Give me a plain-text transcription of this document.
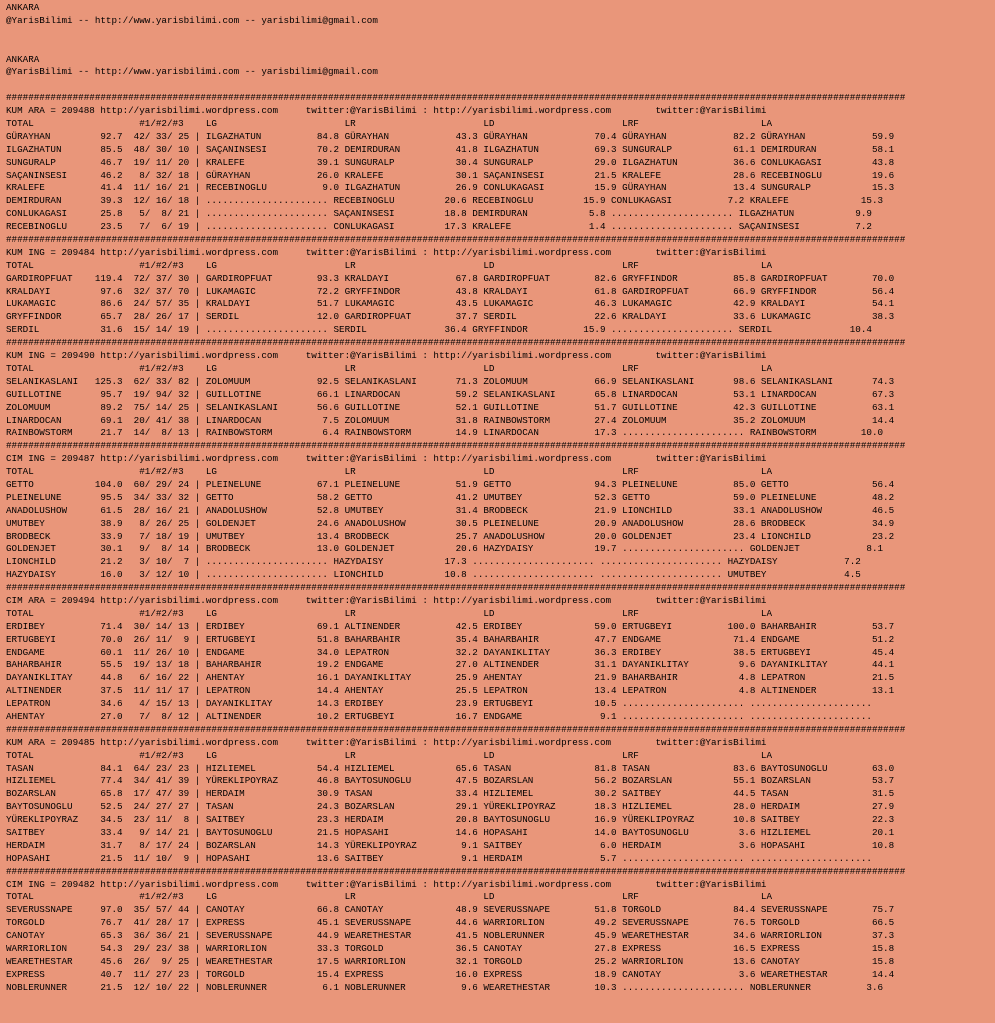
ANKARA
@YarisBilimi -- http://www.yarisbilimi.com -- yarisbilimi@gmail.com

ANKARA
@YarisBilimi -- http://www.yarisbilimi.com -- yarisbilimi@gmail.com

##################################################################################################################################################################
KUM ARA = 209488 http://yarisbilimi.wordpress.com     twitter:@YarisBilimi : http://yarisbilimi.wordpress.com        twitter:@YarisBilimi
TOTAL                   #1/#2/#3    LG                       LR                       LD                       LRF                      LA
GÜRAYHAN         92.7  42/ 33/ 25 | ILGAZHATUN          84.8 GÜRAYHAN            43.3 GÜRAYHAN            70.4 GÜRAYHAN            82.2 GÜRAYHAN            59.9
ILGAZHATUN       85.5  48/ 30/ 10 | SAÇANINSESI         70.2 DEMIRDURAN          41.8 ILGAZHATUN          69.3 SUNGURALP           61.1 DEMIRDURAN          58.1
SUNGURALP        46.7  19/ 11/ 20 | KRALEFE             39.1 SUNGURALP           30.4 SUNGURALP           29.0 ILGAZHATUN          36.6 CONLUKAGASI         43.8
SAÇANINSESI      46.2   8/ 32/ 18 | GÜRAYHAN            26.0 KRALEFE             30.1 SAÇANINSESI         21.5 KRALEFE             28.6 RECEBINOGLU         19.6
KRALEFE          41.4  11/ 16/ 21 | RECEBINOGLU          9.0 ILGAZHATUN          26.9 CONLUKAGASI         15.9 GÜRAYHAN            13.4 SUNGURALP           15.3
DEMIRDURAN       39.3  12/ 16/ 18 | ...................... RECEBINOGLU         20.6 RECEBINOGLU         15.9 CONLUKAGASI          7.2 KRALEFE             15.3
CONLUKAGASI      25.8   5/  8/ 21 | ...................... SAÇANINSESI         18.8 DEMIRDURAN           5.8 ...................... ILGAZHATUN           9.9
RECEBINOGLU      23.5   7/  6/ 19 | ...................... CONLUKAGASI         17.3 KRALEFE              1.4 ...................... SAÇANINSESI          7.2
##################################################################################################################################################################
KUM ING = 209484 http://yarisbilimi.wordpress.com     twitter:@YarisBilimi : http://yarisbilimi.wordpress.com        twitter:@YarisBilimi
TOTAL                   #1/#2/#3    LG                       LR                       LD                       LRF                      LA
GARDIROPFUAT    119.4  72/ 37/ 30 | GARDIROPFUAT        93.3 KRALDAYI            67.8 GARDIROPFUAT        82.6 GRYFFINDOR          85.8 GARDIROPFUAT        70.0
KRALDAYI         97.6  32/ 37/ 70 | LUKAMAGIC           72.2 GRYFFINDOR          43.8 KRALDAYI            61.8 GARDIROPFUAT        66.9 GRYFFINDOR          56.4
LUKAMAGIC        86.6  24/ 57/ 35 | KRALDAYI            51.7 LUKAMAGIC           43.5 LUKAMAGIC           46.3 LUKAMAGIC           42.9 KRALDAYI            54.1
GRYFFINDOR       65.7  28/ 26/ 17 | SERDIL              12.0 GARDIROPFUAT        37.7 SERDIL              22.6 KRALDAYI            33.6 LUKAMAGIC           38.3
SERDIL           31.6  15/ 14/ 19 | ...................... SERDIL              36.4 GRYFFINDOR          15.9 ...................... SERDIL              10.4
##################################################################################################################################################################
KUM ING = 209490 http://yarisbilimi.wordpress.com     twitter:@YarisBilimi : http://yarisbilimi.wordpress.com        twitter:@YarisBilimi
TOTAL                   #1/#2/#3    LG                       LR                       LD                       LRF                      LA
SELANIKASLANI   125.3  62/ 33/ 82 | ZOLOMUUM            92.5 SELANIKASLANI       71.3 ZOLOMUUM            66.9 SELANIKASLANI       98.6 SELANIKASLANI       74.3
GUILLOTINE       95.7  19/ 94/ 32 | GUILLOTINE          66.1 LINARDOCAN          59.2 SELANIKASLANI       65.8 LINARDOCAN          53.1 LINARDOCAN          67.3
ZOLOMUUM         89.2  75/ 14/ 25 | SELANIKASLANI       56.6 GUILLOTINE          52.1 GUILLOTINE          51.7 GUILLOTINE          42.3 GUILLOTINE          63.1
LINARDOCAN       69.1  20/ 41/ 38 | LINARDOCAN           7.5 ZOLOMUUM            31.8 RAINBOWSTORM        27.4 ZOLOMUUM            35.2 ZOLOMUUM            14.4
RAINBOWSTORM     21.7  14/  8/ 13 | RAINBOWSTORM         6.4 RAINBOWSTORM        14.9 LINARDOCAN          17.3 ...................... RAINBOWSTORM        10.0
##################################################################################################################################################################
CIM ING = 209487 http://yarisbilimi.wordpress.com     twitter:@YarisBilimi : http://yarisbilimi.wordpress.com        twitter:@YarisBilimi
TOTAL                   #1/#2/#3    LG                       LR                       LD                       LRF                      LA
GETTO           104.0  60/ 29/ 24 | PLEINELUNE          67.1 PLEINELUNE          51.9 GETTO               94.3 PLEINELUNE          85.0 GETTO               56.4
PLEINELUNE       95.5  34/ 33/ 32 | GETTO               58.2 GETTO               41.2 UMUTBEY             52.3 GETTO               59.0 PLEINELUNE          48.2
ANADOLUSHOW      61.5  28/ 16/ 21 | ANADOLUSHOW         52.8 UMUTBEY             31.4 BRODBECK            21.9 LIONCHILD           33.1 ANADOLUSHOW         46.5
UMUTBEY          38.9   8/ 26/ 25 | GOLDENJET           24.6 ANADOLUSHOW         30.5 PLEINELUNE          20.9 ANADOLUSHOW         28.6 BRODBECK            34.9
BRODBECK         33.9   7/ 18/ 19 | UMUTBEY             13.4 BRODBECK            25.7 ANADOLUSHOW         20.0 GOLDENJET           23.4 LIONCHILD           23.2
GOLDENJET        30.1   9/  8/ 14 | BRODBECK            13.0 GOLDENJET           20.6 HAZYDAISY           19.7 ...................... GOLDENJET            8.1
LIONCHILD        21.2   3/ 10/  7 | ...................... HAZYDAISY           17.3 ...................... ...................... HAZYDAISY            7.2
HAZYDAISY        16.0   3/ 12/ 10 | ...................... LIONCHILD           10.8 ...................... ...................... UMUTBEY              4.5
##################################################################################################################################################################
CIM ARA = 209494 http://yarisbilimi.wordpress.com     twitter:@YarisBilimi : http://yarisbilimi.wordpress.com        twitter:@YarisBilimi
TOTAL                   #1/#2/#3    LG                       LR                       LD                       LRF                      LA
ERDIBEY          71.4  30/ 14/ 13 | ERDIBEY             69.1 ALTINENDER          42.5 ERDIBEY             59.0 ERTUGBEYI          100.0 BAHARBAHIR          53.7
ERTUGBEYI        70.0  26/ 11/  9 | ERTUGBEYI           51.8 BAHARBAHIR          35.4 BAHARBAHIR          47.7 ENDGAME             71.4 ENDGAME             51.2
ENDGAME          60.1  11/ 26/ 10 | ENDGAME             34.0 LEPATRON            32.2 DAYANIKLITAY        36.3 ERDIBEY             38.5 ERTUGBEYI           45.4
BAHARBAHIR       55.5  19/ 13/ 18 | BAHARBAHIR          19.2 ENDGAME             27.0 ALTINENDER          31.1 DAYANIKLITAY         9.6 DAYANIKLITAY        44.1
DAYANIKLITAY     44.8   6/ 16/ 22 | AHENTAY             16.1 DAYANIKLITAY        25.9 AHENTAY             21.9 BAHARBAHIR           4.8 LEPATRON            21.5
ALTINENDER       37.5  11/ 11/ 17 | LEPATRON            14.4 AHENTAY             25.5 LEPATRON            13.4 LEPATRON             4.8 ALTINENDER          13.1
LEPATRON         34.6   4/ 15/ 13 | DAYANIKLITAY        14.3 ERDIBEY             23.9 ERTUGBEYI           10.5 ...................... ......................
AHENTAY          27.0   7/  8/ 12 | ALTINENDER          10.2 ERTUGBEYI           16.7 ENDGAME              9.1 ...................... ......................
##################################################################################################################################################################
KUM ARA = 209485 http://yarisbilimi.wordpress.com     twitter:@YarisBilimi : http://yarisbilimi.wordpress.com        twitter:@YarisBilimi
TOTAL                   #1/#2/#3    LG                       LR                       LD                       LRF                      LA
TASAN            84.1  64/ 23/ 23 | HIZLIEMEL           54.4 HIZLIEMEL           65.6 TASAN               81.8 TASAN               83.6 BAYTOSUNOGLU        63.0
HIZLIEMEL        77.4  34/ 41/ 39 | YÜREKLIPOYRAZ       46.8 BAYTOSUNOGLU        47.5 BOZARSLAN           56.2 BOZARSLAN           55.1 BOZARSLAN           53.7
BOZARSLAN        65.8  17/ 47/ 39 | HERDAIM             30.9 TASAN               33.4 HIZLIEMEL           30.2 SAITBEY             44.5 TASAN               31.5
BAYTOSUNOGLU     52.5  24/ 27/ 27 | TASAN               24.3 BOZARSLAN           29.1 YÜREKLIPOYRAZ       18.3 HIZLIEMEL           28.0 HERDAIM             27.9
YÜREKLIPOYRAZ    34.5  23/ 11/  8 | SAITBEY             23.3 HERDAIM             20.8 BAYTOSUNOGLU        16.9 YÜREKLIPOYRAZ       10.8 SAITBEY             22.3
SAITBEY          33.4   9/ 14/ 21 | BAYTOSUNOGLU        21.5 HOPASAHI            14.6 HOPASAHI            14.0 BAYTOSUNOGLU         3.6 HIZLIEMEL           20.1
HERDAIM          31.7   8/ 17/ 24 | BOZARSLAN           14.3 YÜREKLIPOYRAZ        9.1 SAITBEY              6.0 HERDAIM              3.6 HOPASAHI            10.8
HOPASAHI         21.5  11/ 10/  9 | HOPASAHI            13.6 SAITBEY              9.1 HERDAIM              5.7 ...................... ......................
##################################################################################################################################################################
CIM ING = 209482 http://yarisbilimi.wordpress.com     twitter:@YarisBilimi : http://yarisbilimi.wordpress.com        twitter:@YarisBilimi
TOTAL                   #1/#2/#3    LG                       LR                       LD                       LRF                      LA
SEVERUSSNAPE     97.0  35/ 57/ 44 | CANOTAY             66.8 CANOTAY             48.9 SEVERUSSNAPE        51.8 TORGOLD             84.4 SEVERUSSNAPE        75.7
TORGOLD          76.7  41/ 28/ 17 | EXPRESS             45.1 SEVERUSSNAPE        44.6 WARRIORLION         49.2 SEVERUSSNAPE        76.5 TORGOLD             66.5
CANOTAY          65.3  36/ 36/ 21 | SEVERUSSNAPE        44.9 WEARETHESTAR        41.5 NOBLERUNNER         45.9 WEARETHESTAR        34.6 WARRIORLION         37.3
WARRIORLION      54.3  29/ 23/ 38 | WARRIORLION         33.3 TORGOLD             36.5 CANOTAY             27.8 EXPRESS             16.5 EXPRESS             15.8
WEARETHESTAR     45.6  26/  9/ 25 | WEARETHESTAR        17.5 WARRIORLION         32.1 TORGOLD             25.2 WARRIORLION         13.6 CANOTAY             15.8
EXPRESS          40.7  11/ 27/ 23 | TORGOLD             15.4 EXPRESS             16.0 EXPRESS             18.9 CANOTAY              3.6 WEARETHESTAR        14.4
NOBLERUNNER      21.5  12/ 10/ 22 | NOBLERUNNER          6.1 NOBLERUNNER          9.6 WEARETHESTAR        10.3 ...................... NOBLERUNNER          3.6
